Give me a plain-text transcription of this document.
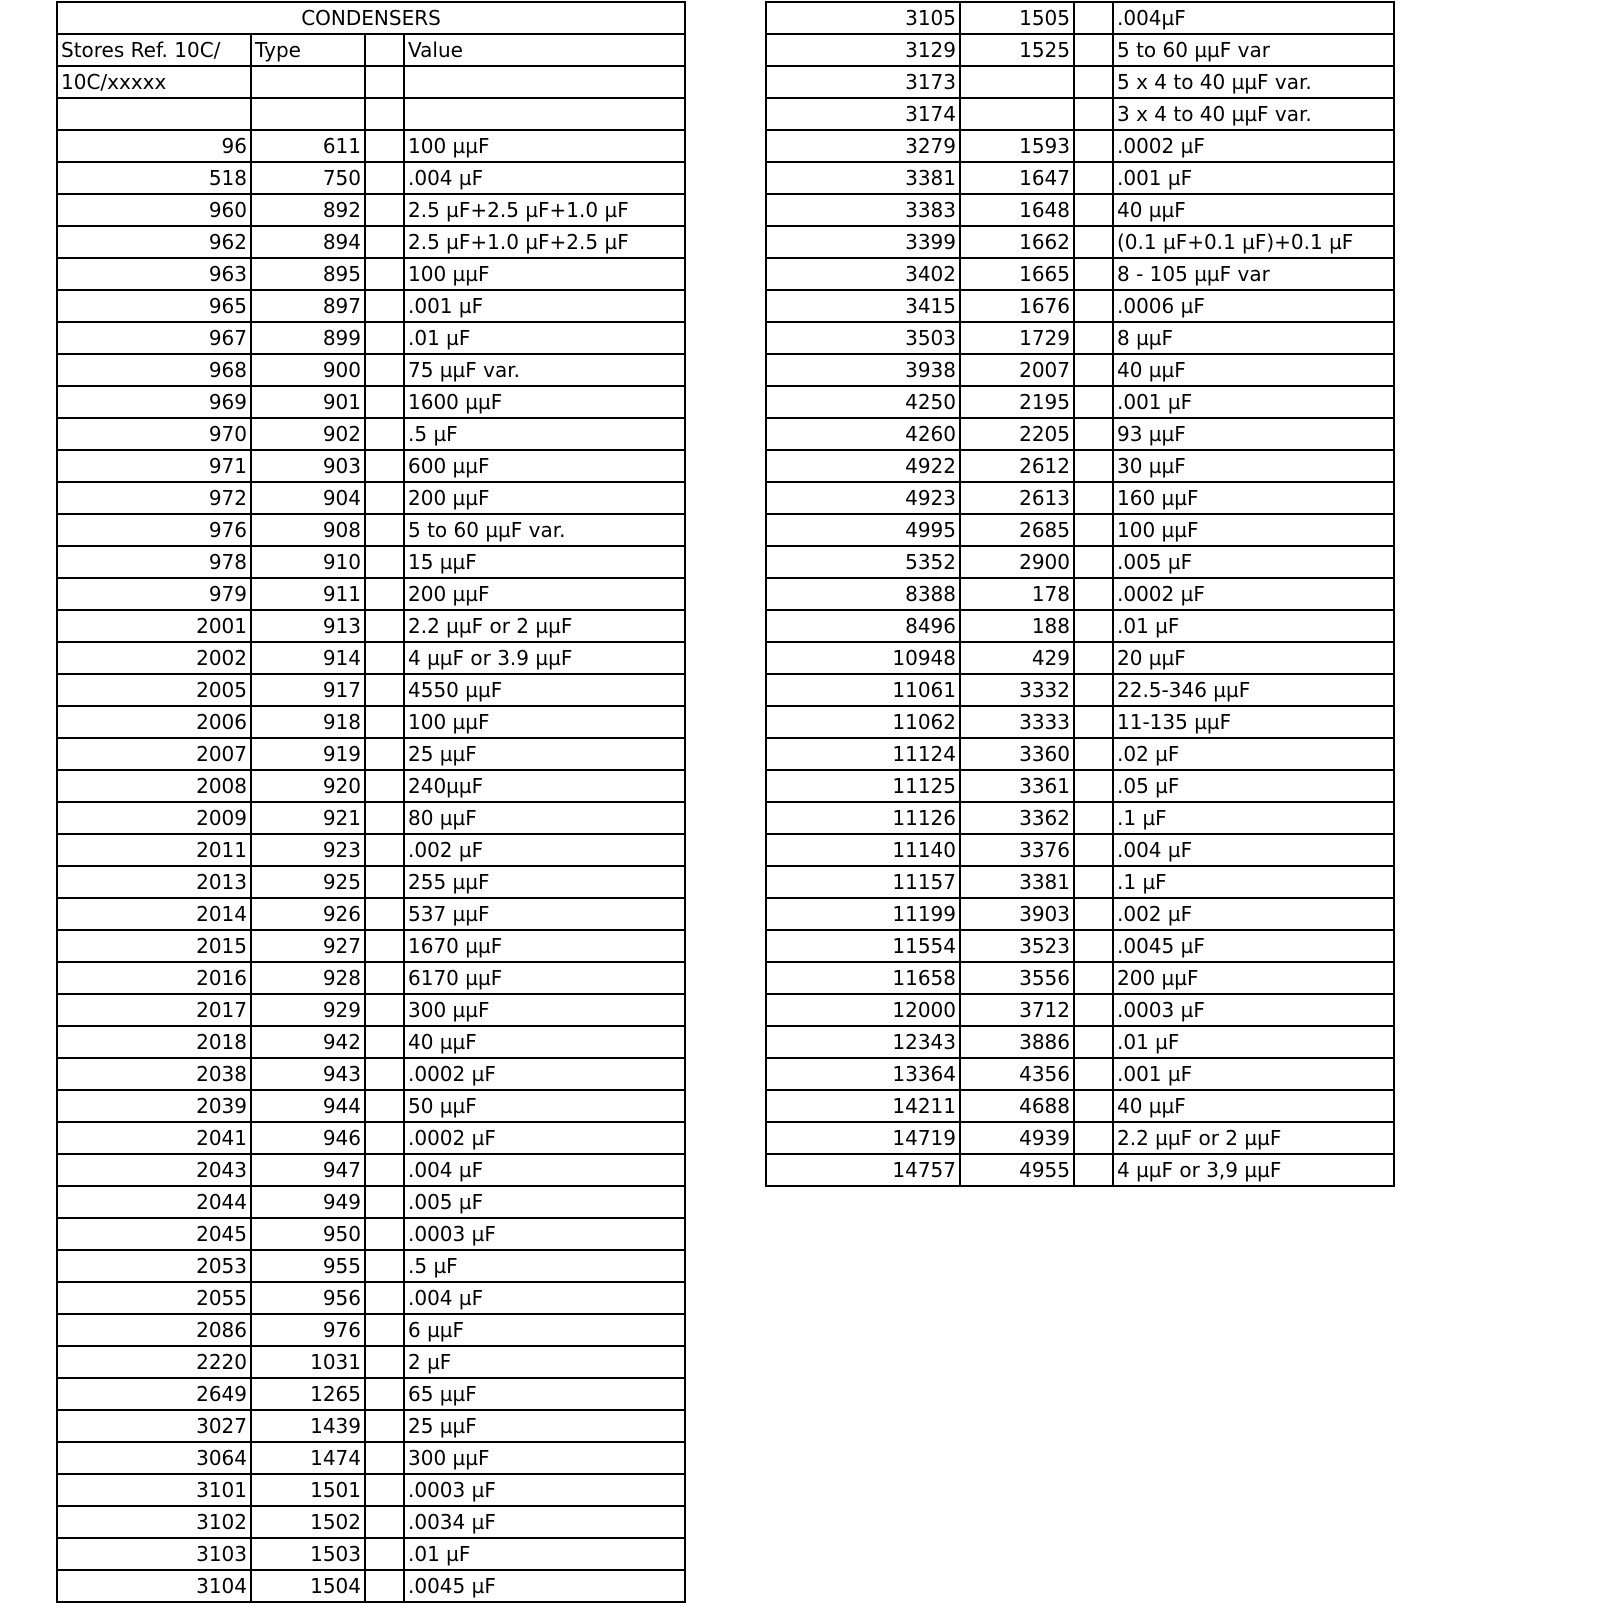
CONDENSERS			
Stores Ref. 10C/	Type		Value
10C/xxxxx			

96	611		100 µµF
518	750		.004 µF
960	892		2.5 µF+2.5 µF+1.0 µF
962	894		2.5 µF+1.0 µF+2.5 µF
963	895		100 µµF
965	897		.001 µF
967	899		.01 µF
968	900		75 µµF var.
969	901		1600 µµF
970	902		.5 µF
971	903		600 µµF
972	904		200 µµF
976	908		5 to 60 µµF var.
978	910		15 µµF
979	911		200 µµF
2001	913		2.2 µµF or 2 µµF
2002	914		4 µµF or 3.9 µµF
2005	917		4550 µµF
2006	918		100 µµF
2007	919		25 µµF
2008	920		240µµF
2009	921		80 µµF
2011	923		.002 µF
2013	925		255 µµF
2014	926		537 µµF
2015	927		1670 µµF
2016	928		6170 µµF
2017	929		300 µµF
2018	942		40 µµF
2038	943		.0002 µF
2039	944		50 µµF
2041	946		.0002 µF
2043	947		.004 µF
2044	949		.005 µF
2045	950		.0003 µF
2053	955		.5 µF
2055	956		.004 µF
2086	976		6 µµF
2220	1031		2 µF
2649	1265		65 µµF
3027	1439		25 µµF
3064	1474		300 µµF
3101	1501		.0003 µF
3102	1502		.0034 µF
3103	1503		.01 µF
3104	1504		.0045 µF
3105	1505		.004µF
3129	1525		5 to 60 µµF var
3173			5 x 4 to 40 µµF var.
3174			3 x 4 to 40 µµF var.
3279	1593		.0002 µF
3381	1647		.001 µF
3383	1648		40 µµF
3399	1662		(0.1 µF+0.1 µF)+0.1 µF
3402	1665		8 - 105 µµF var
3415	1676		.0006 µF
3503	1729		8 µµF
3938	2007		40 µµF
4250	2195		.001 µF
4260	2205		93 µµF
4922	2612		30 µµF
4923	2613		160 µµF
4995	2685		100 µµF
5352	2900		.005 µF
8388	178		.0002 µF
8496	188		.01 µF
10948	429		20 µµF
11061	3332		22.5-346 µµF
11062	3333		11-135 µµF
11124	3360		.02 µF
11125	3361		.05 µF
11126	3362		.1 µF
11140	3376		.004 µF
11157	3381		.1 µF
11199	3903		.002 µF
11554	3523		.0045 µF
11658	3556		200 µµF
12000	3712		.0003 µF
12343	3886		.01 µF
13364	4356		.001 µF
14211	4688		40 µµF
14719	4939		2.2 µµF or 2 µµF
14757	4955		4 µµF or 3,9 µµF
